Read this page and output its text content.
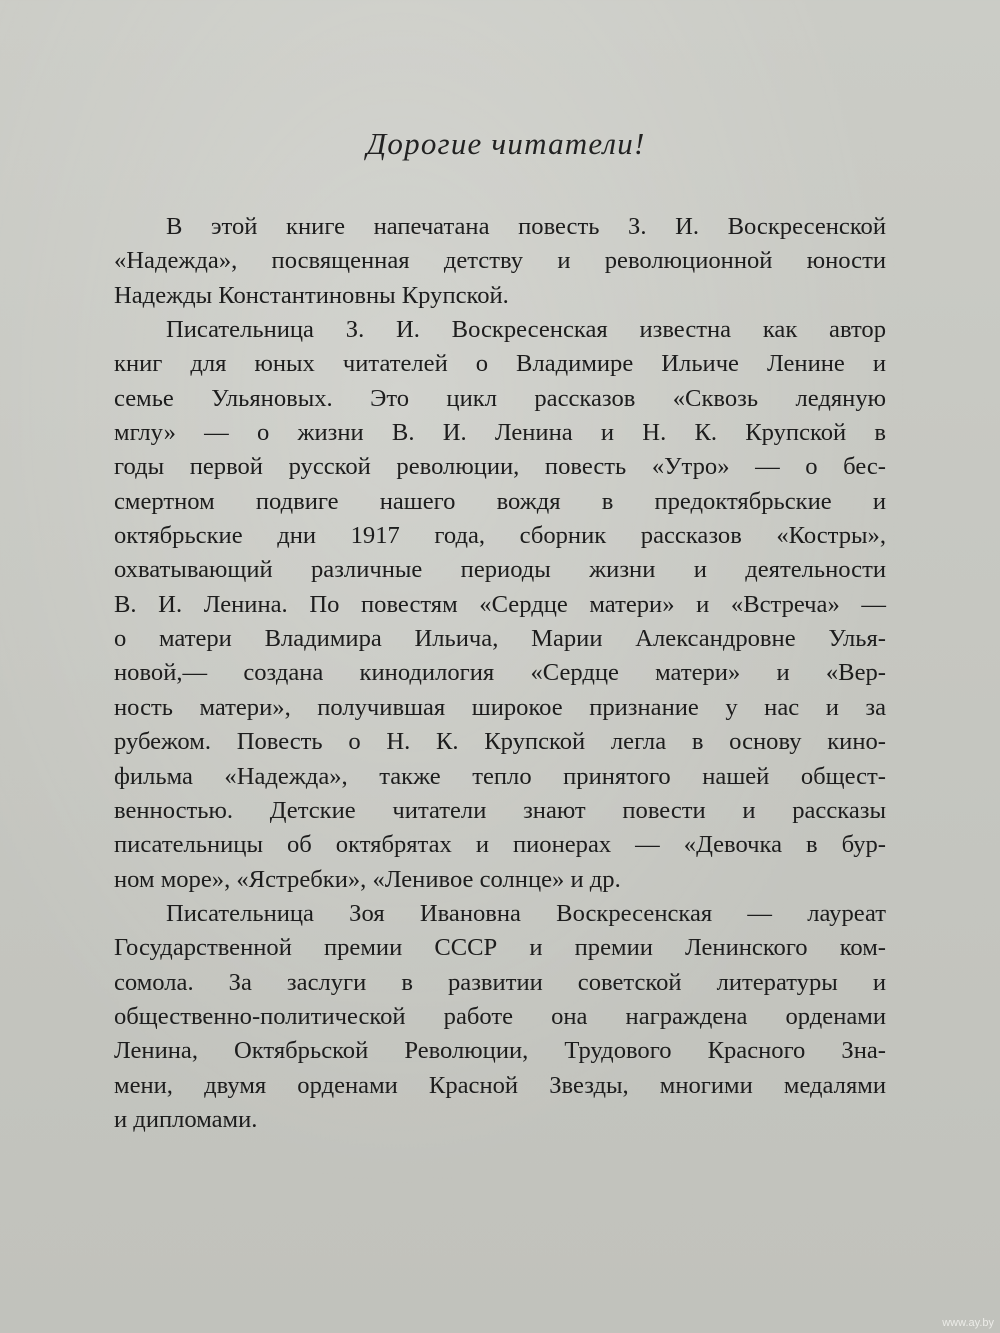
Дорогие читатели!
В этой книге напечатана повесть З. И. Воскресенской
«Надежда», посвященная детству и революционной юности
Надежды Константиновны Крупской.
Писательница З. И. Воскресенская известна как автор
книг для юных читателей о Владимире Ильиче Ленине и
семье Ульяновых. Это цикл рассказов «Сквозь ледяную
мглу» — о жизни В. И. Ленина и Н. К. Крупской в
годы первой русской революции, повесть «Утро» — о бес-
смертном подвиге нашего вождя в предоктябрьские и
октябрьские дни 1917 года, сборник рассказов «Костры»,
охватывающий различные периоды жизни и деятельности
В. И. Ленина. По повестям «Сердце матери» и «Встреча» —
о матери Владимира Ильича, Марии Александровне Улья-
новой,— создана кинодилогия «Сердце матери» и «Вер-
ность матери», получившая широкое признание у нас и за
рубежом. Повесть о Н. К. Крупской легла в основу кино-
фильма «Надежда», также тепло принятого нашей общест-
венностью. Детские читатели знают повести и рассказы
писательницы об октябрятах и пионерах — «Девочка в бур-
ном море», «Ястребки», «Ленивое солнце» и др.
Писательница Зоя Ивановна Воскресенская — лауреат
Государственной премии СССР и премии Ленинского ком-
сомола. За заслуги в развитии советской литературы и
общественно-политической работе она награждена орденами
Ленина, Октябрьской Революции, Трудового Красного Зна-
мени, двумя орденами Красной Звезды, многими медалями
и дипломами.
www.ay.by
